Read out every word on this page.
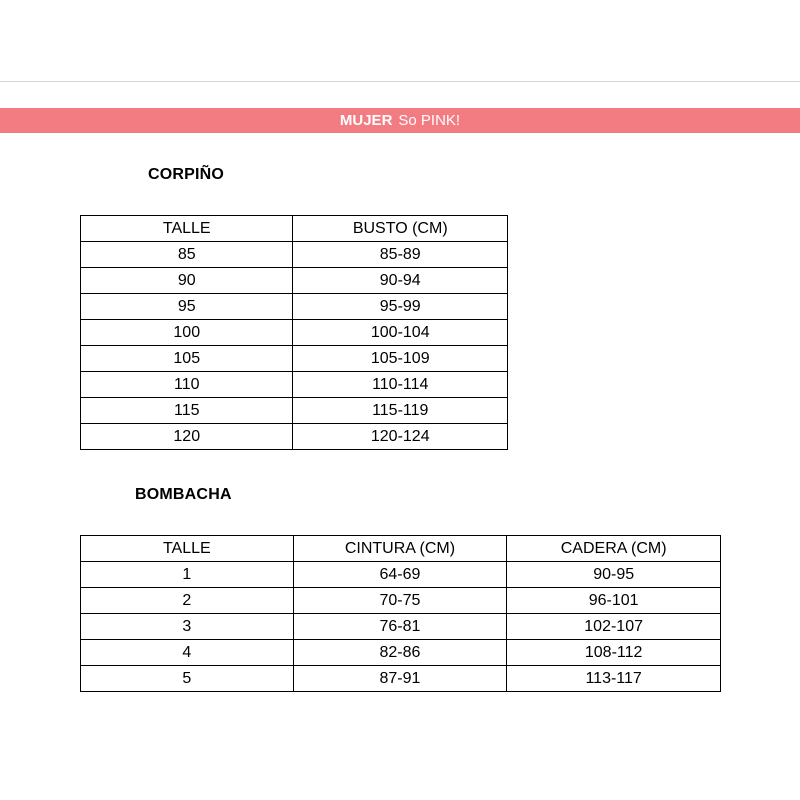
MUJER So PINK!
CORPIÑO
TALLE	BUSTO (CM)
85	85-89
90	90-94
95	95-99
100	100-104
105	105-109
110	110-114
115	115-119
120	120-124
BOMBACHA
TALLE	CINTURA (CM)	CADERA (CM)
1	64-69	90-95
2	70-75	96-101
3	76-81	102-107
4	82-86	108-112
5	87-91	113-117
